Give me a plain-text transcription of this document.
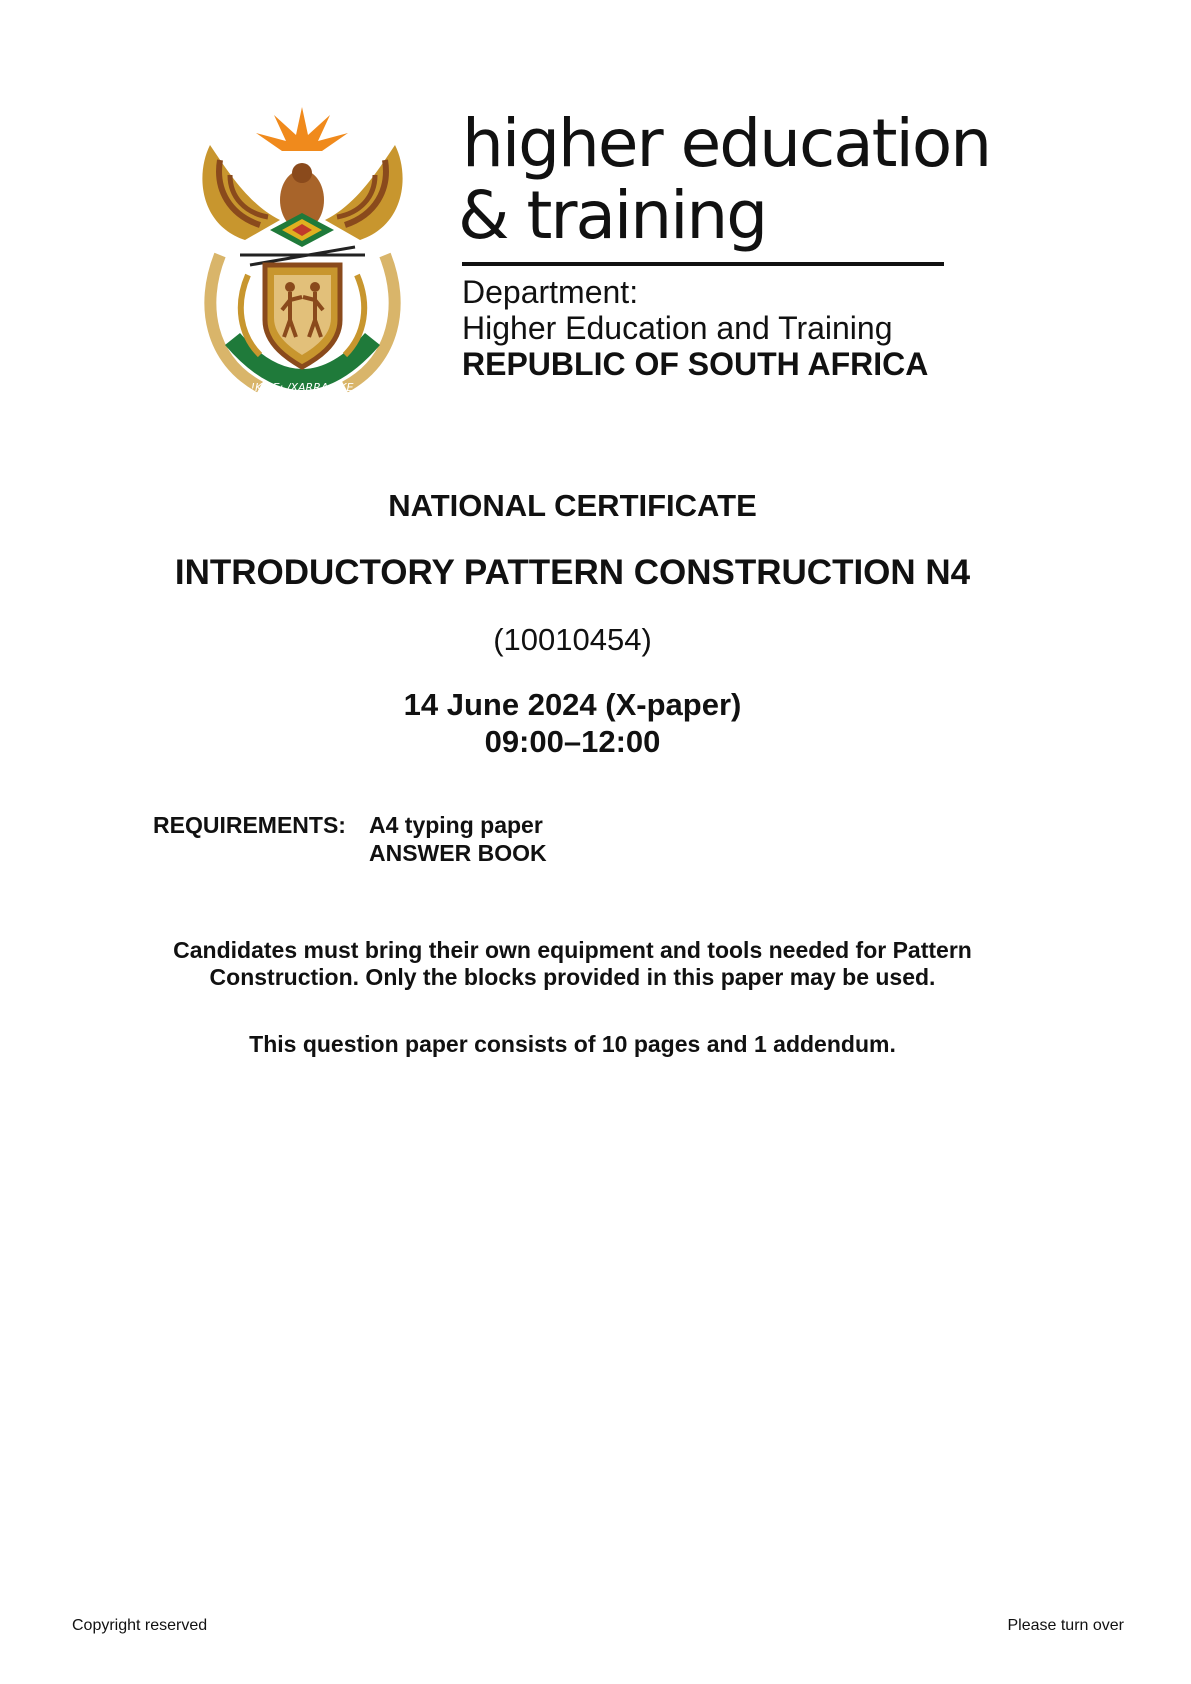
!KE E: /XARRA //KE
higher education
& training
Department:
Higher Education and Training
REPUBLIC OF SOUTH AFRICA
NATIONAL CERTIFICATE
INTRODUCTORY PATTERN CONSTRUCTION N4
(10010454)
14 June 2024 (X-paper)
09:00–12:00
REQUIREMENTS: A4 typing paper
ANSWER BOOK
Candidates must bring their own equipment and tools needed for Pattern
Construction. Only the blocks provided in this paper may be used.
This question paper consists of 10 pages and 1 addendum.
Copyright reserved	Please turn over
